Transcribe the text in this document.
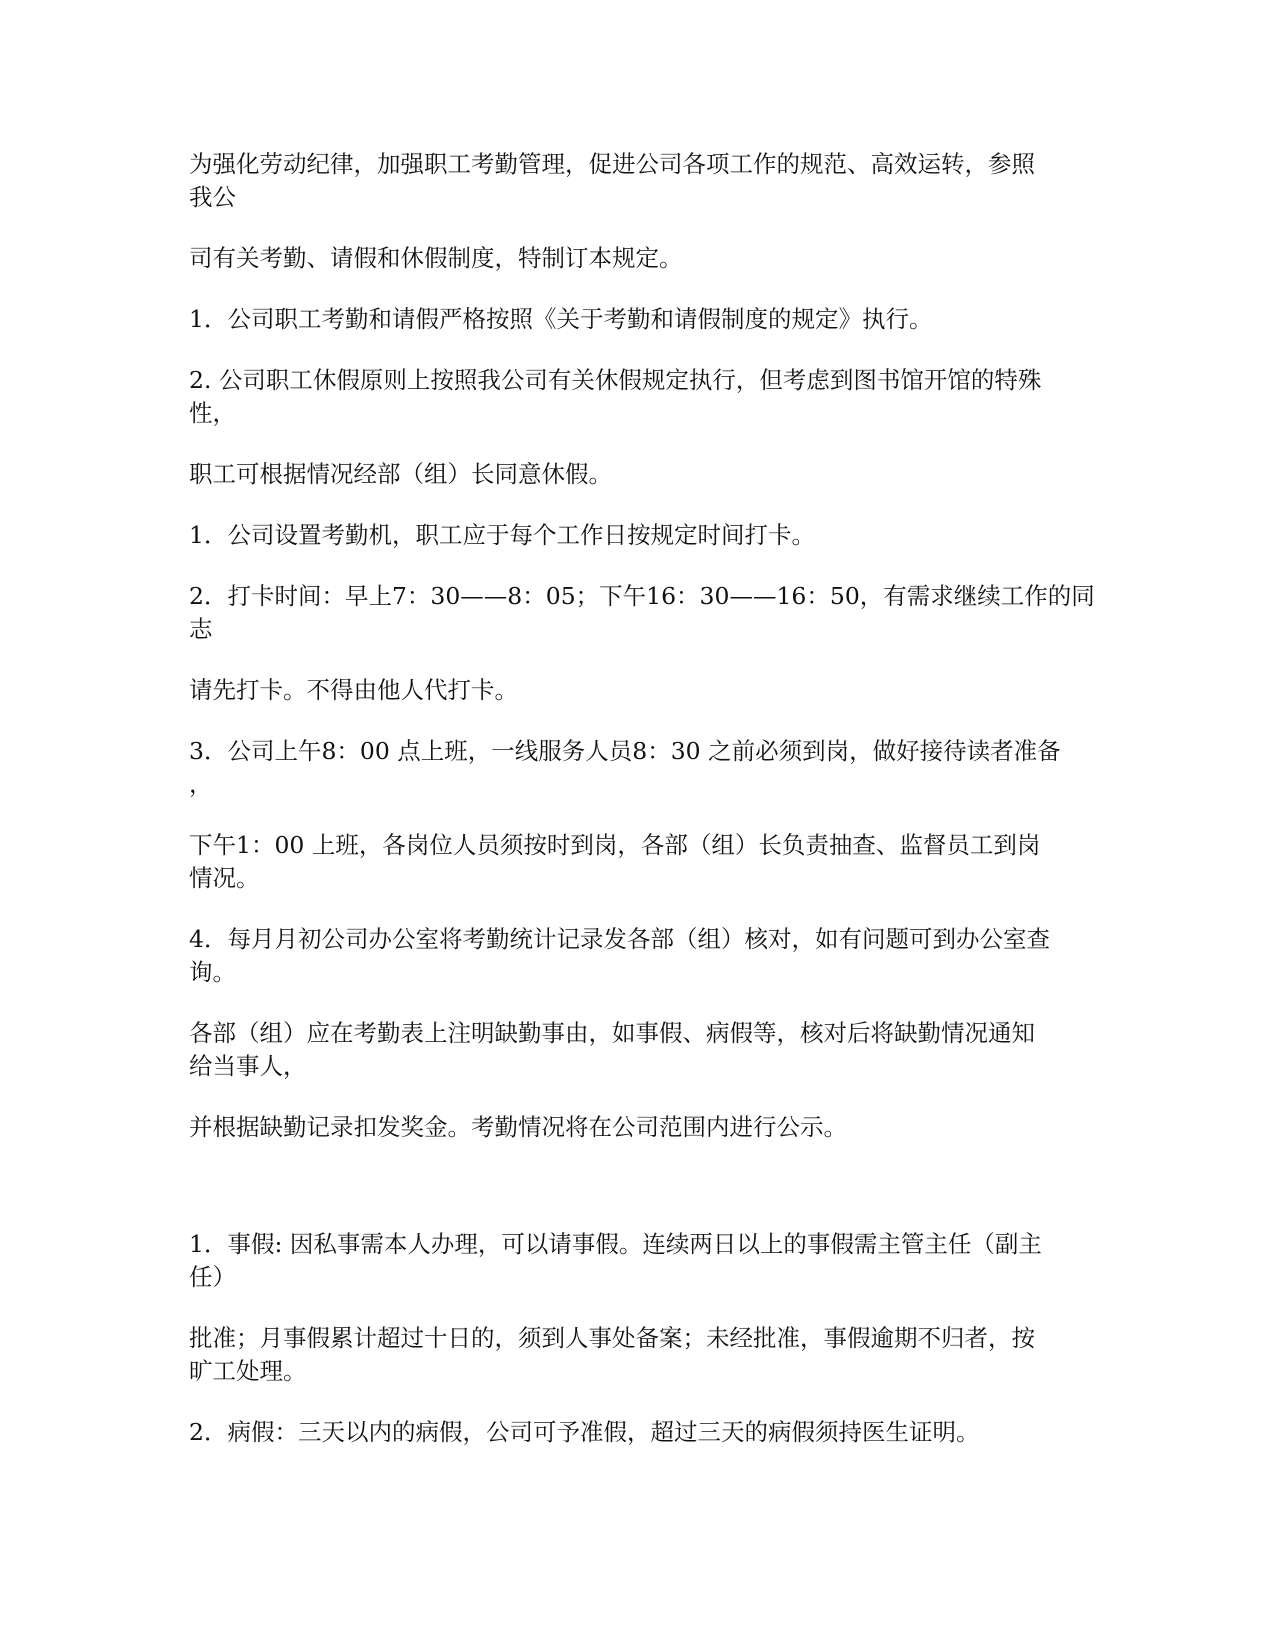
为强化劳动纪律，加强职工考勤管理，促进公司各项工作的规范、高效运转，参照
我公

司有关考勤、请假和休假制度，特制订本规定。

1．公司职工考勤和请假严格按照《关于考勤和请假制度的规定》执行。

2. 公司职工休假原则上按照我公司有关休假规定执行，但考虑到图书馆开馆的特殊
性，

职工可根据情况经部（组）长同意休假。

1．公司设置考勤机，职工应于每个工作日按规定时间打卡。

2．打卡时间：早上7：30——8：05；下午16：30——16：50，有需求继续工作的同
志

请先打卡。不得由他人代打卡。

3．公司上午8：00 点上班，一线服务人员8：30 之前必须到岗，做好接待读者准备
，

下午1：00 上班，各岗位人员须按时到岗，各部（组）长负责抽查、监督员工到岗
情况。

4．每月月初公司办公室将考勤统计记录发各部（组）核对，如有问题可到办公室查
询。

各部（组）应在考勤表上注明缺勤事由，如事假、病假等，核对后将缺勤情况通知
给当事人，

并根据缺勤记录扣发奖金。考勤情况将在公司范围内进行公示。

1．事假: 因私事需本人办理，可以请事假。连续两日以上的事假需主管主任（副主
任）

批准；月事假累计超过十日的，须到人事处备案；未经批准，事假逾期不归者，按
旷工处理。

2．病假：三天以内的病假，公司可予准假，超过三天的病假须持医生证明。
